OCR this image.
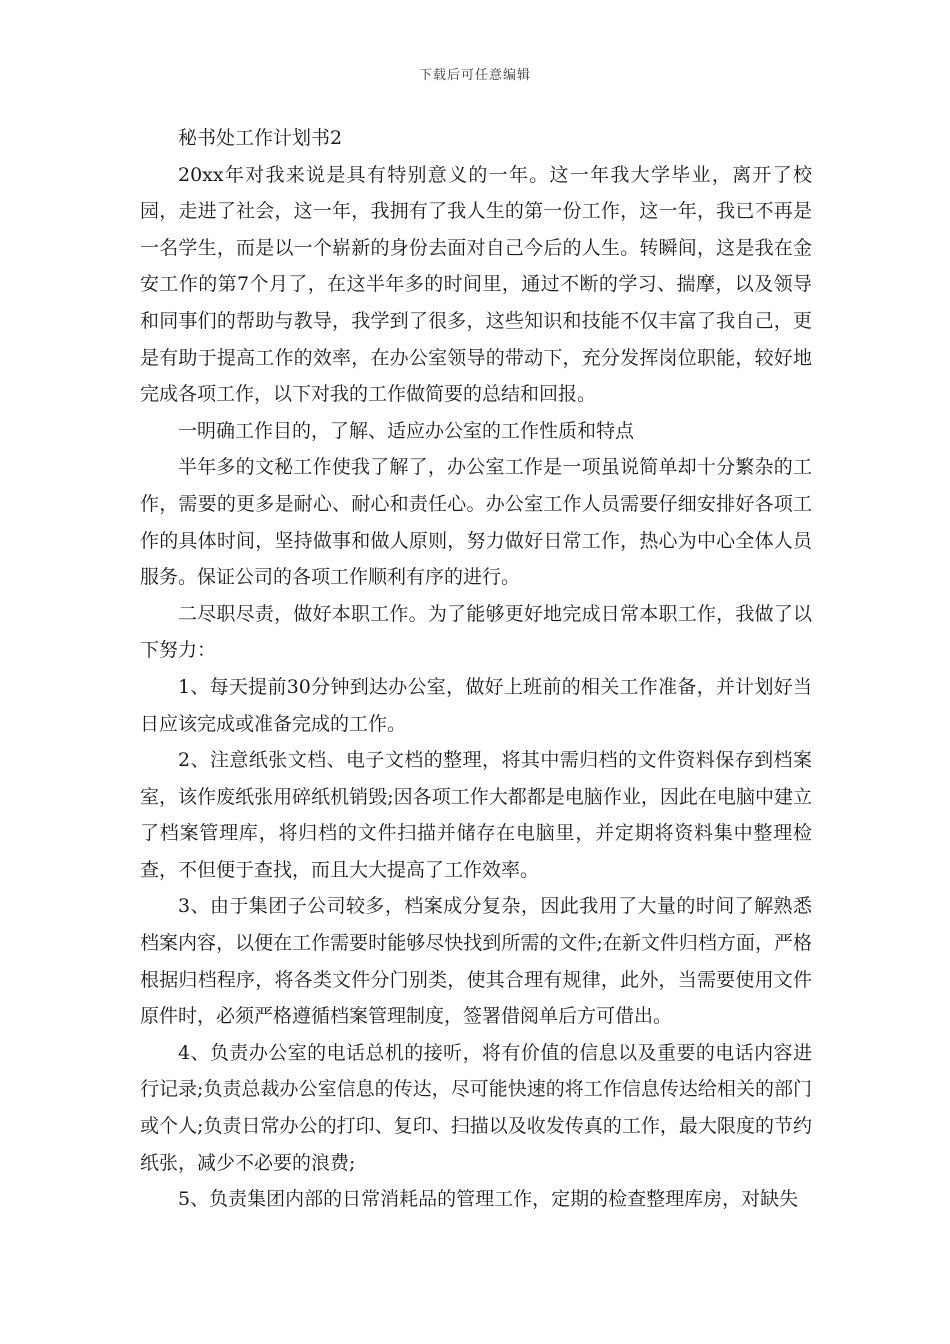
下载后可任意编辑

秘书处工作计划书2

20xx年对我来说是具有特别意义的一年。这一年我大学毕业，离开了校园，走进了社会，这一年，我拥有了我人生的第一份工作，这一年，我已不再是一名学生，而是以一个崭新的身份去面对自己今后的人生。转瞬间，这是我在金安工作的第7个月了，在这半年多的时间里，通过不断的学习、揣摩，以及领导和同事们的帮助与教导，我学到了很多，这些知识和技能不仅丰富了我自己，更是有助于提高工作的效率，在办公室领导的带动下，充分发挥岗位职能，较好地完成各项工作，以下对我的工作做简要的总结和回报。

一明确工作目的，了解、适应办公室的工作性质和特点

半年多的文秘工作使我了解了，办公室工作是一项虽说简单却十分繁杂的工作，需要的更多是耐心、耐心和责任心。办公室工作人员需要仔细安排好各项工作的具体时间，坚持做事和做人原则，努力做好日常工作，热心为中心全体人员服务。保证公司的各项工作顺利有序的进行。

二尽职尽责，做好本职工作。为了能够更好地完成日常本职工作，我做了以下努力：

1、每天提前30分钟到达办公室，做好上班前的相关工作准备，并计划好当日应该完成或准备完成的工作。

2、注意纸张文档、电子文档的整理，将其中需归档的文件资料保存到档案室，该作废纸张用碎纸机销毁;因各项工作大都都是电脑作业，因此在电脑中建立了档案管理库，将归档的文件扫描并储存在电脑里，并定期将资料集中整理检查，不但便于查找，而且大大提高了工作效率。

3、由于集团子公司较多，档案成分复杂，因此我用了大量的时间了解熟悉档案内容，以便在工作需要时能够尽快找到所需的文件;在新文件归档方面，严格根据归档程序，将各类文件分门别类，使其合理有规律，此外，当需要使用文件原件时，必须严格遵循档案管理制度，签署借阅单后方可借出。

4、负责办公室的电话总机的接听，将有价值的信息以及重要的电话内容进行记录;负责总裁办公室信息的传达，尽可能快速的将工作信息传达给相关的部门或个人;负责日常办公的打印、复印、扫描以及收发传真的工作，最大限度的节约纸张，减少不必要的浪费;

5、负责集团内部的日常消耗品的管理工作，定期的检查整理库房，对缺失
